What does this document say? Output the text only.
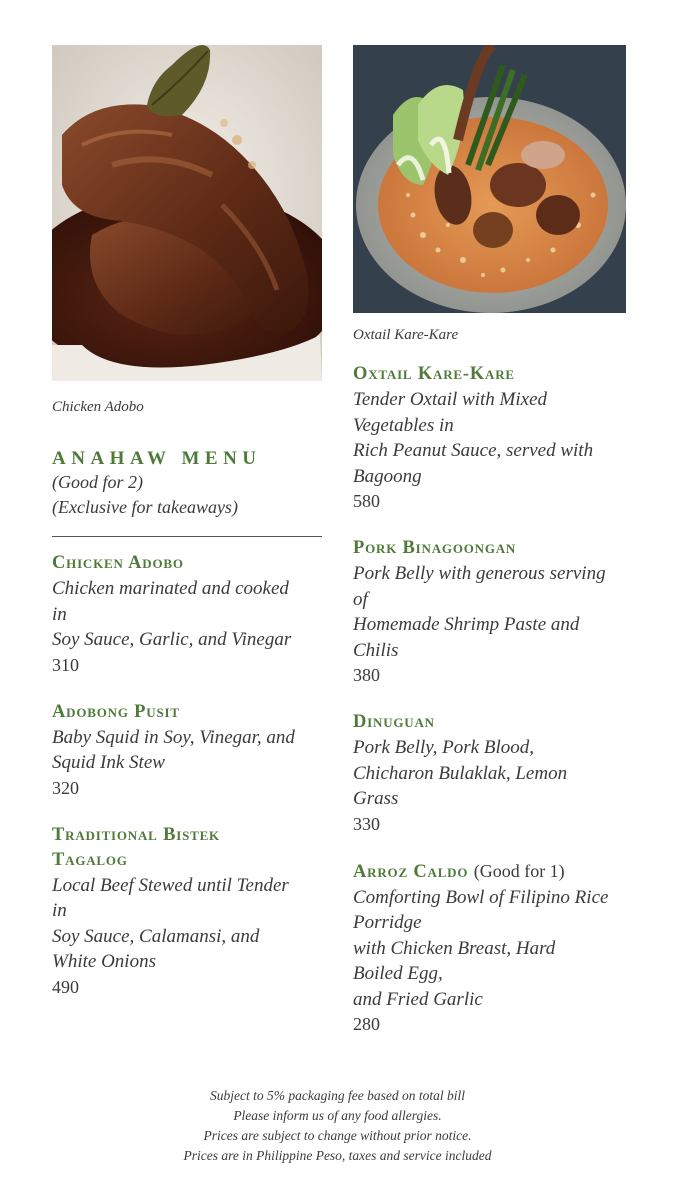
Chicken Adobo
ANAHAW MENU
(Good for 2)
(Exclusive for takeaways)
Chicken Adobo
Chicken marinated and cooked
in
Soy Sauce, Garlic, and Vinegar
310
Adobong Pusit
Baby Squid in Soy, Vinegar, and
Squid Ink Stew
320
Traditional Bistek
Tagalog
Local Beef Stewed until Tender
in
Soy Sauce, Calamansi, and
White Onions
490
Oxtail Kare-Kare
Oxtail Kare-Kare
Tender Oxtail with Mixed
Vegetables in
Rich Peanut Sauce, served with
Bagoong
580
Pork Binagoongan
Pork Belly with generous serving
of
Homemade Shrimp Paste and
Chilis
380
Dinuguan
Pork Belly, Pork Blood,
Chicharon Bulaklak, Lemon
Grass
330
Arroz Caldo (Good for 1)
Comforting Bowl of Filipino Rice
Porridge
with Chicken Breast, Hard
Boiled Egg,
and Fried Garlic
280
Subject to 5% packaging fee based on total bill
Please inform us of any food allergies.
Prices are subject to change without prior notice.
Prices are in Philippine Peso, taxes and service included
